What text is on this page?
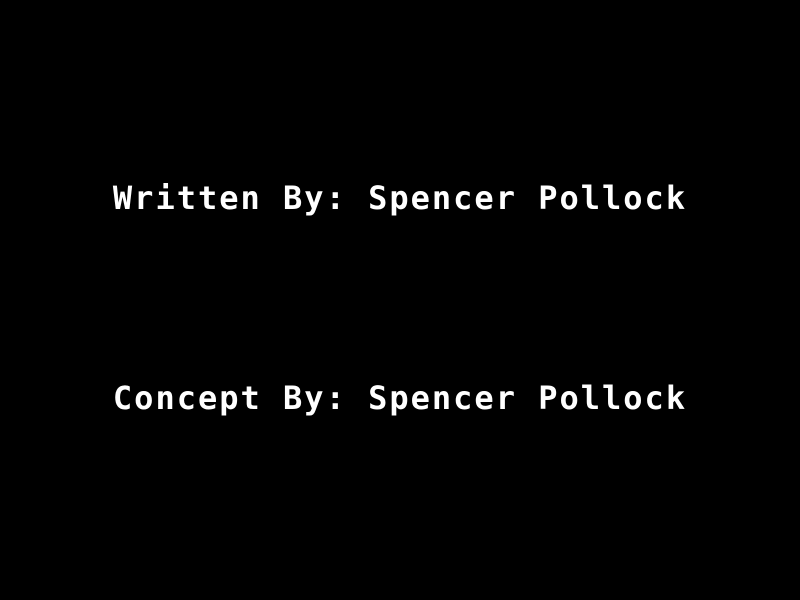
Written By: Spencer Pollock
Concept By: Spencer Pollock
